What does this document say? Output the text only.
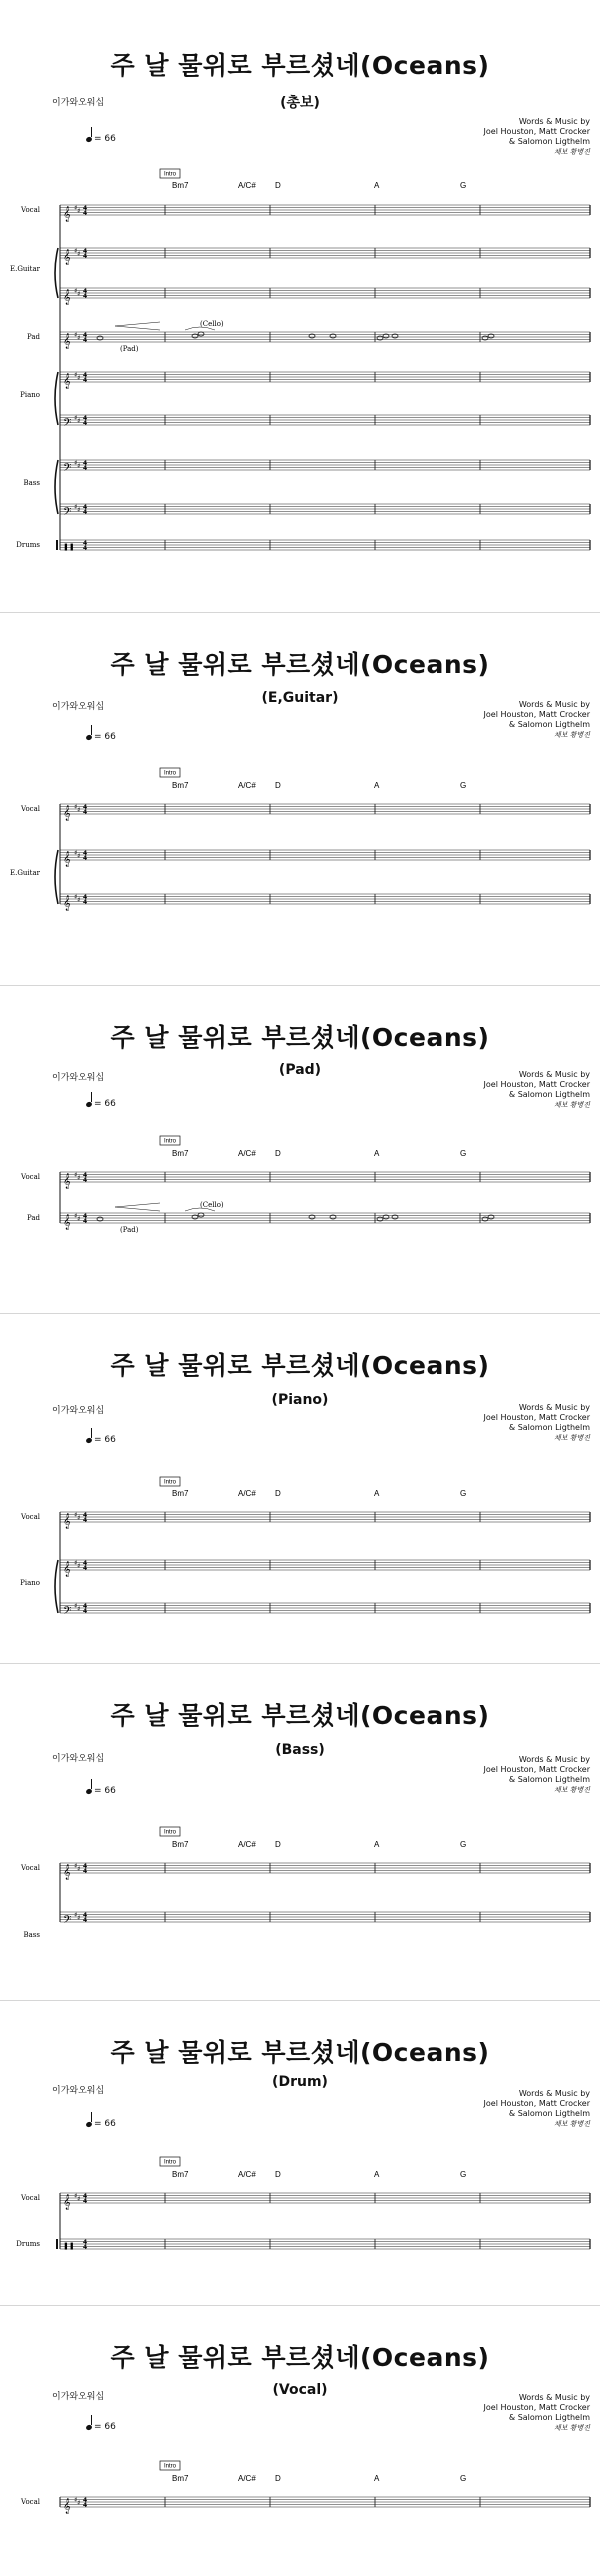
주 날 물위로 부르셨네(Oceans)
(총보)
이가와오워십
Words & Music by
Joel Houston, Matt Crocker
& Salomon Ligthelm
채보 황병진
= 66
Intro
Bm7	A/C# D	A	G
𝄞 ♯ ♯ 4
4
Vocal
𝄞 ♯ ♯ 4
4
E.Guitar
𝄞 ♯ ♯ 4
4
𝄞 ♯ ♯ 4
4
Pad
(Cello)
(Pad)
𝄞 ♯ ♯ 4
4
Piano
𝄢 ♯ ♯ 4
4
𝄢 ♯ ♯ 4
4
Bass
𝄢 ♯ ♯ 4
4
❚❚ 4
4
Drums
주 날 물위로 부르셨네(Oceans)
(E,Guitar)
이가와오워십	Words & Music by
Joel Houston, Matt Crocker
& Salomon Ligthelm
채보 황병진
= 66
Intro
Bm7	A/C# D	A	G
𝄞 ♯ ♯ 4
4
Vocal
𝄞 ♯ ♯ 4
4
E.Guitar
𝄞 ♯ ♯ 4
4
주 날 물위로 부르셨네(Oceans)
(Pad)
이가와오워십	Words & Music by
Joel Houston, Matt Crocker
& Salomon Ligthelm
채보 황병진
= 66
Intro
Bm7	A/C# D	A	G
𝄞 ♯ ♯ 4
4
Vocal
𝄞 ♯ ♯ 4
4
Pad
(Cello)
(Pad)
주 날 물위로 부르셨네(Oceans)
(Piano)
이가와오워십	Words & Music by
Joel Houston, Matt Crocker
& Salomon Ligthelm
채보 황병진
= 66
Intro
Bm7	A/C# D	A	G
𝄞 ♯ ♯ 4
4
Vocal
𝄞 ♯ ♯ 4
4
Piano
𝄢 ♯ ♯ 4
4
주 날 물위로 부르셨네(Oceans)
(Bass)
이가와오워십	Words & Music by
Joel Houston, Matt Crocker
& Salomon Ligthelm
채보 황병진
= 66
Intro
Bm7	A/C# D	A	G
𝄞 ♯ ♯ 4
4
Vocal
𝄢 ♯ ♯ 4
4
Bass
주 날 물위로 부르셨네(Oceans)
(Drum)
이가와오워십	Words & Music by
Joel Houston, Matt Crocker
& Salomon Ligthelm
채보 황병진
= 66
Intro
Bm7	A/C# D	A	G
𝄞 ♯ ♯ 4
4
Vocal
❚❚ 4
4
Drums
주 날 물위로 부르셨네(Oceans)
(Vocal)
이가와오워십	Words & Music by
Joel Houston, Matt Crocker
& Salomon Ligthelm
채보 황병진
= 66
Intro
Bm7	A/C# D	A	G
𝄞 ♯ ♯ 4
4
Vocal
